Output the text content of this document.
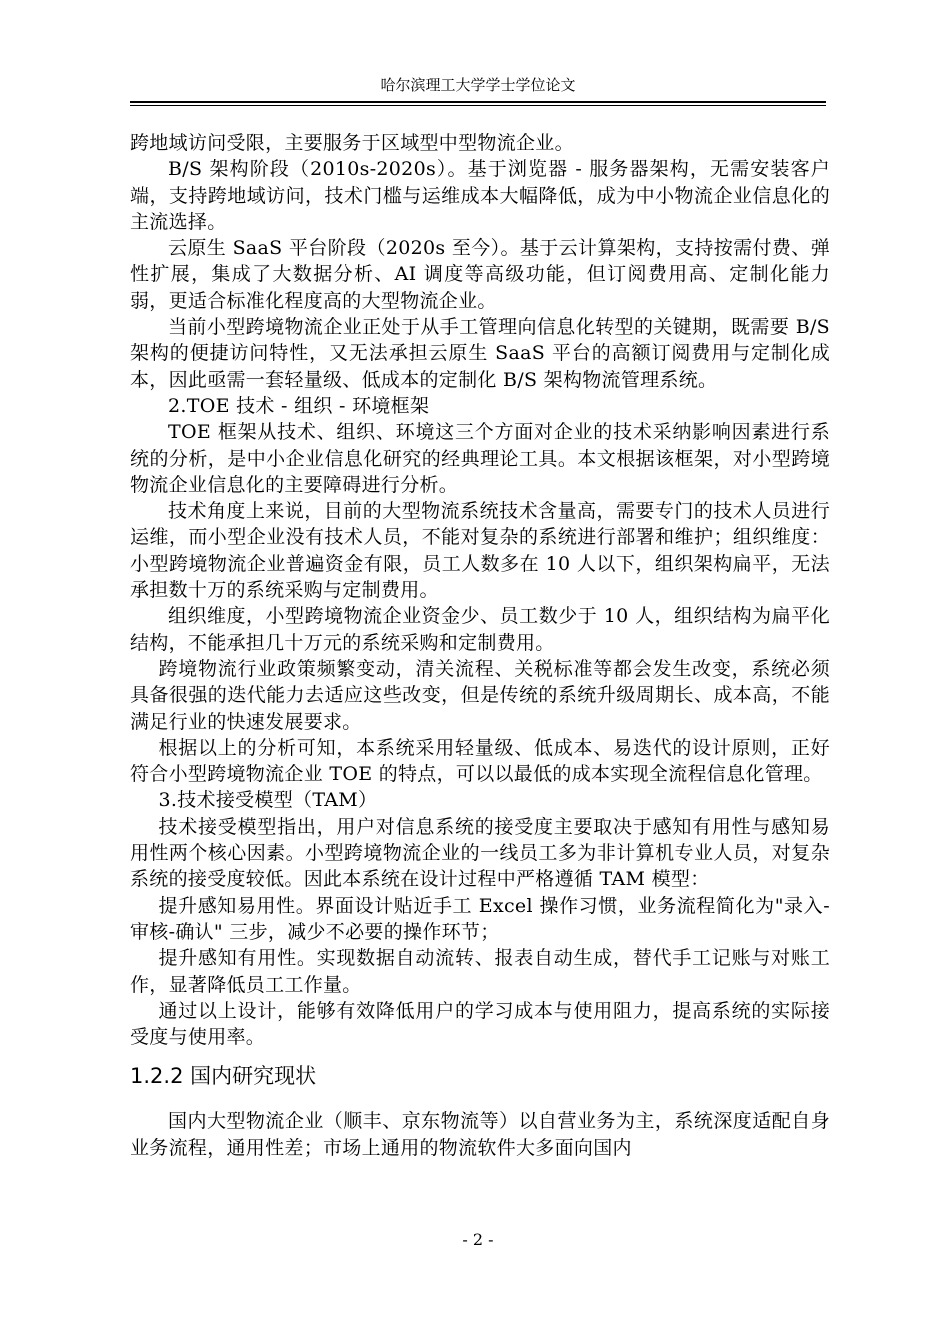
哈尔滨理工大学学士学位论文

跨地域访问受限，主要服务于区域型中型物流企业。

B/S 架构阶段（2010s-2020s）。基于浏览器 - 服务器架构，无需安装客户端，支持跨地域访问，技术门槛与运维成本大幅降低，成为中小物流企业信息化的主流选择。

云原生 SaaS 平台阶段（2020s 至今）。基于云计算架构，支持按需付费、弹性扩展，集成了大数据分析、AI 调度等高级功能，但订阅费用高、定制化能力弱，更适合标准化程度高的大型物流企业。

当前小型跨境物流企业正处于从手工管理向信息化转型的关键期，既需要 B/S 架构的便捷访问特性，又无法承担云原生 SaaS 平台的高额订阅费用与定制化成本，因此亟需一套轻量级、低成本的定制化 B/S 架构物流管理系统。

2.TOE 技术 - 组织 - 环境框架

TOE 框架从技术、组织、环境这三个方面对企业的技术采纳影响因素进行系统的分析，是中小企业信息化研究的经典理论工具。本文根据该框架，对小型跨境物流企业信息化的主要障碍进行分析。

技术角度上来说，目前的大型物流系统技术含量高，需要专门的技术人员进行运维，而小型企业没有技术人员，不能对复杂的系统进行部署和维护；组织维度：小型跨境物流企业普遍资金有限，员工人数多在 10 人以下，组织架构扁平，无法承担数十万的系统采购与定制费用。

组织维度，小型跨境物流企业资金少、员工数少于 10 人，组织结构为扁平化结构，不能承担几十万元的系统采购和定制费用。

跨境物流行业政策频繁变动，清关流程、关税标准等都会发生改变，系统必须具备很强的迭代能力去适应这些改变，但是传统的系统升级周期长、成本高，不能满足行业的快速发展要求。

根据以上的分析可知，本系统采用轻量级、低成本、易迭代的设计原则，正好符合小型跨境物流企业 TOE 的特点，可以以最低的成本实现全流程信息化管理。

3.技术接受模型（TAM）

技术接受模型指出，用户对信息系统的接受度主要取决于感知有用性与感知易用性两个核心因素。小型跨境物流企业的一线员工多为非计算机专业人员，对复杂系统的接受度较低。因此本系统在设计过程中严格遵循 TAM 模型：

提升感知易用性。界面设计贴近手工 Excel 操作习惯，业务流程简化为"录入-审核-确认" 三步，减少不必要的操作环节；

提升感知有用性。实现数据自动流转、报表自动生成，替代手工记账与对账工作，显著降低员工工作量。

通过以上设计，能够有效降低用户的学习成本与使用阻力，提高系统的实际接受度与使用率。

1.2.2 国内研究现状

国内大型物流企业（顺丰、京东物流等）以自营业务为主，系统深度适配自身业务流程，通用性差；市场上通用的物流软件大多面向国内

- 2 -
